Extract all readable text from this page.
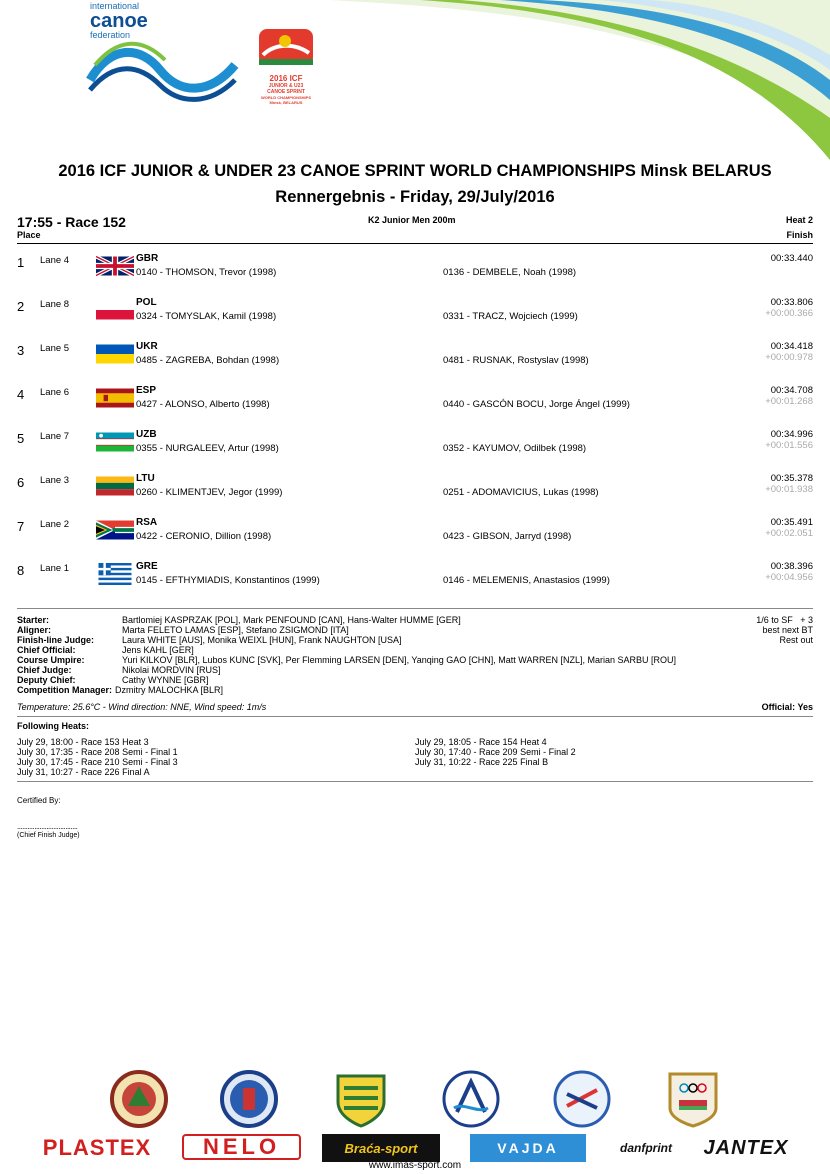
international
canoe
federation
2016 ICF
JUNIOR & U23
CANOE SPRINT
WORLD CHAMPIONSHIPS
Minsk, BELARUS
2016 ICF JUNIOR & UNDER 23 CANOE SPRINT WORLD CHAMPIONSHIPS Minsk BELARUS
Rennergebnis - Friday, 29/July/2016
17:55 - Race 152
Place
K2 Junior Men 200m	Heat 2
Finish
1 Lane 4	GBR
0140 - THOMSON, Trevor (1998)	0136 - DEMBELE, Noah (1998)
00:33.440
2 Lane 8	POL
0324 - TOMYSLAK, Kamil (1998)	0331 - TRACZ, Wojciech (1999)
00:33.806
+00:00.366
3 Lane 5	UKR
0485 - ZAGREBA, Bohdan (1998)	0481 - RUSNAK, Rostyslav (1998)
00:34.418
+00:00.978
4 Lane 6	ESP
0427 - ALONSO, Alberto (1998)	0440 - GASCÓN BOCU, Jorge Ángel (1999)
00:34.708
+00:01.268
5 Lane 7	UZB
0355 - NURGALEEV, Artur (1998)	0352 - KAYUMOV, Odilbek (1998)
00:34.996
+00:01.556
6 Lane 3	LTU
0260 - KLIMENTJEV, Jegor (1999)	0251 - ADOMAVICIUS, Lukas (1998)
00:35.378
+00:01.938
7 Lane 2	RSA
0422 - CERONIO, Dillion (1998)	0423 - GIBSON, Jarryd (1998)
00:35.491
+00:02.051
8 Lane 1	GRE
0145 - EFTHYMIADIS, Konstantinos (1999)	0146 - MELEMENIS, Anastasios (1999)
00:38.396
+00:04.956
Starter:	Bartlomiej KASPRZAK [POL], Mark PENFOUND [CAN], Hans-Walter HUMME [GER]
Aligner:	Marta FELETO LAMAS [ESP], Stefano ZSIGMOND [ITA]
Finish-line Judge:	Laura WHITE [AUS], Monika WEIXL [HUN], Frank NAUGHTON [USA]
Chief Official:	Jens KAHL [GER]
Course Umpire:	Yuri KILKOV [BLR], Lubos KUNC [SVK], Per Flemming LARSEN [DEN], Yanqing GAO [CHN], Matt WARREN [NZL], Marian SARBU [ROU]
Chief Judge:	Nikolai MORDVIN [RUS]
Deputy Chief:	Cathy WYNNE [GBR]
Competition Manager: Dzmitry MALOCHKA [BLR]
1/6 to SF   + 3
best next BT
Rest out
Temperature: 25.6°C - Wind direction: NNE, Wind speed: 1m/s	Official: Yes
Following Heats:
July 29, 18:00 - Race 153 Heat 3
July 30, 17:35 - Race 208 Semi - Final 1
July 30, 17:45 - Race 210 Semi - Final 3
July 31, 10:27 - Race 226 Final A
July 29, 18:05 - Race 154 Heat 4
July 30, 17:40 - Race 209 Semi - Final 2
July 31, 10:22 - Race 225 Final B
Certified By:
...................................
(Chief Finish Judge)
PLASTEX	NELO	Braća-sport	VAJDA	danfprint	JANTEX
www.imas-sport.com
